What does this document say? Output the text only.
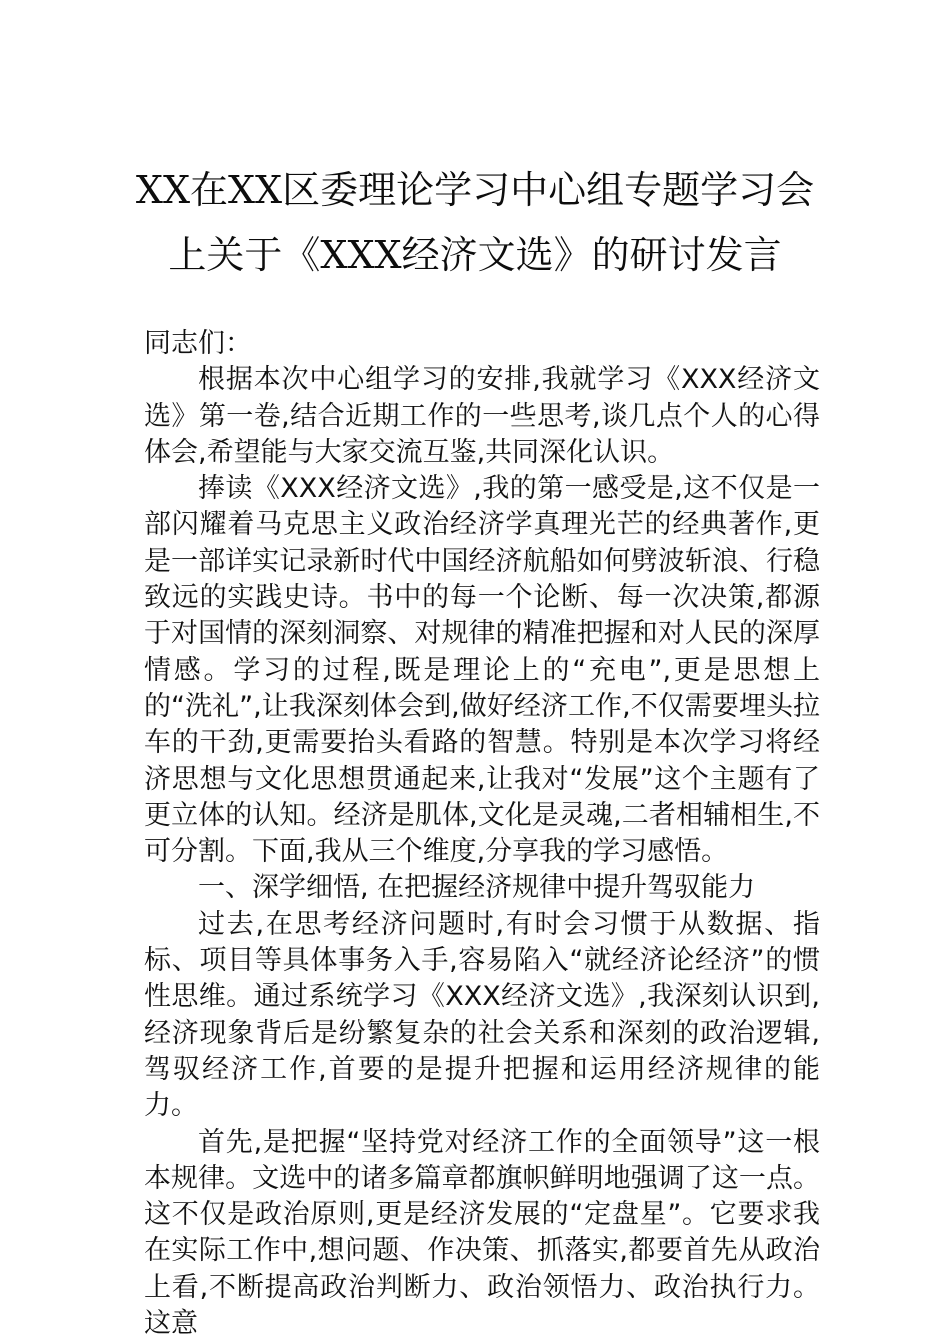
XX在XX区委理论学习中心组专题学习会
上关于《XXX经济文选》的研讨发言

同志们：

根据本次中心组学习的安排,我就学习《XXX经济文选》第一卷,结合近期工作的一些思考,谈几点个人的心得体会,希望能与大家交流互鉴,共同深化认识。

捧读《XXX经济文选》,我的第一感受是,这不仅是一部闪耀着马克思主义政治经济学真理光芒的经典著作,更是一部详实记录新时代中国经济航船如何劈波斩浪、行稳致远的实践史诗。书中的每一个论断、每一次决策,都源于对国情的深刻洞察、对规律的精准把握和对人民的深厚情感。学习的过程,既是理论上的“充电”,更是思想上的“洗礼”,让我深刻体会到,做好经济工作,不仅需要埋头拉车的干劲,更需要抬头看路的智慧。特别是本次学习将经济思想与文化思想贯通起来,让我对“发展”这个主题有了更立体的认知。经济是肌体,文化是灵魂,二者相辅相生,不可分割。下面,我从三个维度,分享我的学习感悟。

一、深学细悟, 在把握经济规律中提升驾驭能力

过去,在思考经济问题时,有时会习惯于从数据、指标、项目等具体事务入手,容易陷入“就经济论经济”的惯性思维。通过系统学习《XXX经济文选》,我深刻认识到,经济现象背后是纷繁复杂的社会关系和深刻的政治逻辑,驾驭经济工作,首要的是提升把握和运用经济规律的能力。

首先,是把握“坚持党对经济工作的全面领导”这一根本规律。文选中的诸多篇章都旗帜鲜明地强调了这一点。这不仅是政治原则,更是经济发展的“定盘星”。它要求我在实际工作中,想问题、作决策、抓落实,都要首先从政治上看,不断提高政治判断力、政治领悟力、政治执行力。这意
